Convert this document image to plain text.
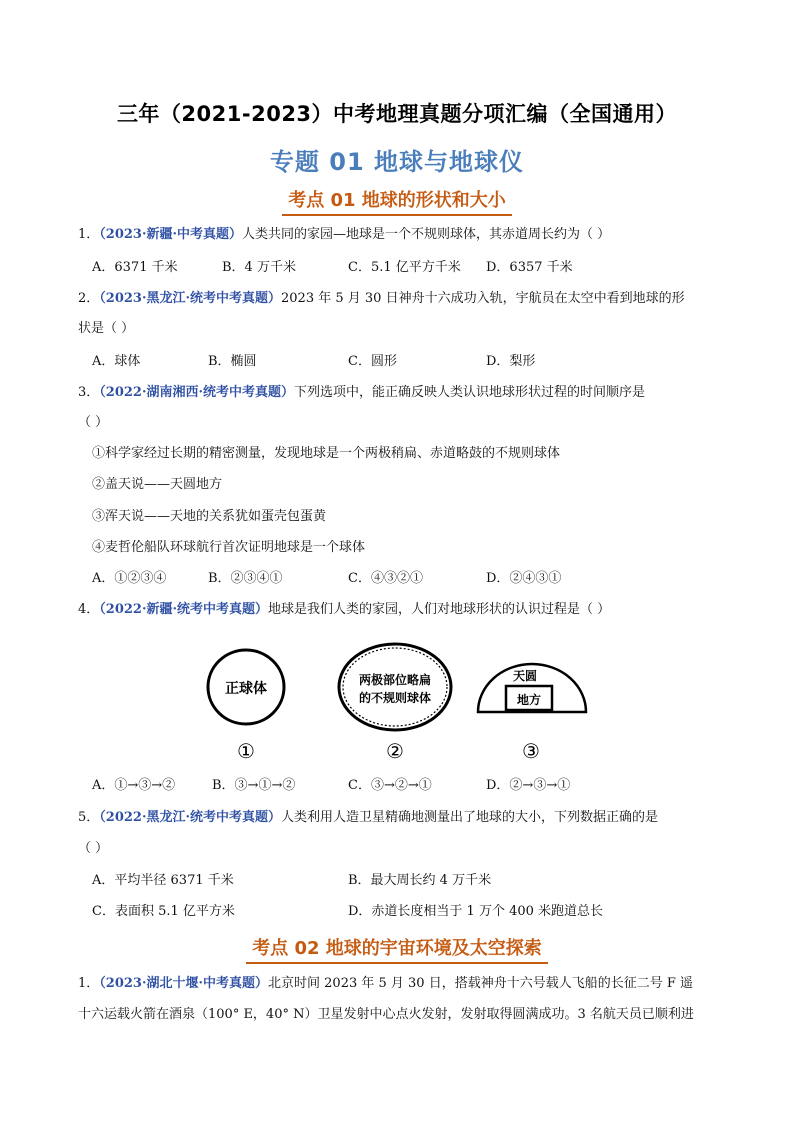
三年（2021-2023）中考地理真题分项汇编（全国通用）
专题 01 地球与地球仪
考点 01 地球的形状和大小
1．（2023·新疆·中考真题）人类共同的家园—地球是一个不规则球体，其赤道周长约为（ ）
A．6371 千米	B．4 万千米	C．5.1 亿平方千米 D．6357 千米
2．（2023·黑龙江·统考中考真题）2023 年 5 月 30 日神舟十六成功入轨，宇航员在太空中看到地球的形
状是（ ）
A．球体	B．椭圆	C．圆形	D．梨形
3．（2022·湖南湘西·统考中考真题）下列选项中，能正确反映人类认识地球形状过程的时间顺序是
（ ）
①科学家经过长期的精密测量，发现地球是一个两极稍扁、赤道略鼓的不规则球体
②盖天说——天圆地方
③浑天说——天地的关系犹如蛋壳包蛋黄
④麦哲伦船队环球航行首次证明地球是一个球体
A．①②③④	B．②③④①	C．④③②①	D．②④③①
4．（2022·新疆·统考中考真题）地球是我们人类的家园，人们对地球形状的认识过程是（ ）
正球体
①
两极部位略扁
的不规则球体
②
天圆
地方
③
A．①→③→②	B．③→①→②	C．③→②→①	D．②→③→①
5．（2022·黑龙江·统考中考真题）人类利用人造卫星精确地测量出了地球的大小，下列数据正确的是
（ ）
A．平均半径 6371 千米	B．最大周长约 4 万千米
C．表面积 5.1 亿平方米	D．赤道长度相当于 1 万个 400 米跑道总长
考点 02 地球的宇宙环境及太空探索
1．（2023·湖北十堰·中考真题）北京时间 2023 年 5 月 30 日，搭载神舟十六号载人飞船的长征二号 F 遥
十六运载火箭在酒泉（100° E，40° N）卫星发射中心点火发射，发射取得圆满成功。3 名航天员已顺利进
